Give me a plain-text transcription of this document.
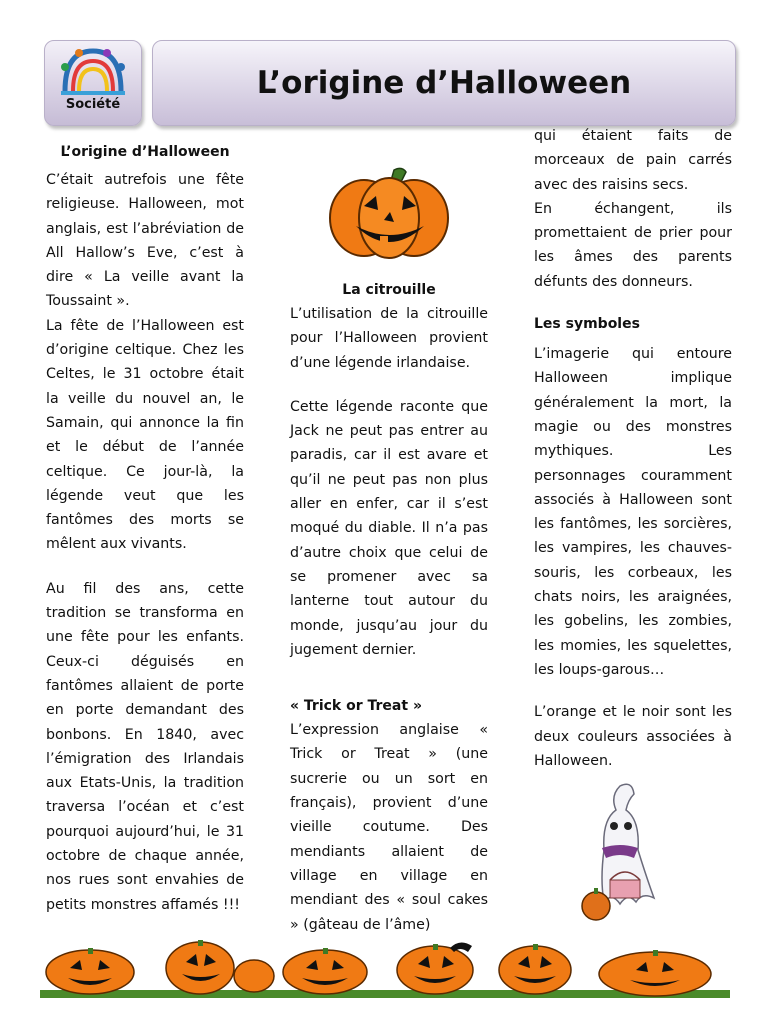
Société
L’origine d’Halloween
L’origine d’Halloween

C’était autrefois une fête religieuse. Halloween, mot anglais, est l’abréviation de All Hallow’s Eve, c’est à dire « La veille avant la Toussaint ».

La fête de l’Halloween est d’origine celtique. Chez les Celtes, le 31 octobre était la veille du nouvel an, le Samain, qui annonce la fin et le début de l’année celtique. Ce jour-là, la légende veut que les fantômes des morts se mêlent aux vivants.

Au fil des ans, cette tradition se transforma en une fête pour les enfants. Ceux-ci déguisés en fantômes allaient de porte en porte demandant des bonbons. En 1840, avec l’émigration des Irlandais aux Etats-Unis, la tradition traversa l’océan et c’est pourquoi aujourd’hui, le 31 octobre de chaque année, nos rues sont envahies de petits monstres affamés !!!

La citrouille

L’utilisation de la citrouille pour l’Halloween provient d’une légende irlandaise.

Cette légende raconte que Jack ne peut pas entrer au paradis, car il est avare et qu’il ne peut pas non plus aller en enfer, car il s’est moqué du diable. Il n’a pas d’autre choix que celui de se promener avec sa lanterne tout autour du monde, jusqu’au jour du jugement dernier.

« Trick or Treat »

L’expression anglaise « Trick or Treat » (une sucrerie ou un sort en français), provient d’une vieille coutume. Des mendiants allaient de village en village en mendiant des « soul cakes » (gâteau de l’âme)

qui étaient faits de morceaux de pain carrés avec des raisins secs.

En échangent, ils promettaient de prier pour les âmes des parents défunts des donneurs.

Les symboles

L’imagerie qui entoure Halloween implique généralement la mort, la magie ou des monstres mythiques. Les personnages couramment associés à Halloween sont les fantômes, les sorcières, les vampires, les chauves-souris, les corbeaux, les chats noirs, les araignées, les gobelins, les zombies, les momies, les squelettes, les loups-garous…

L’orange et le noir sont les deux couleurs associées à Halloween.
